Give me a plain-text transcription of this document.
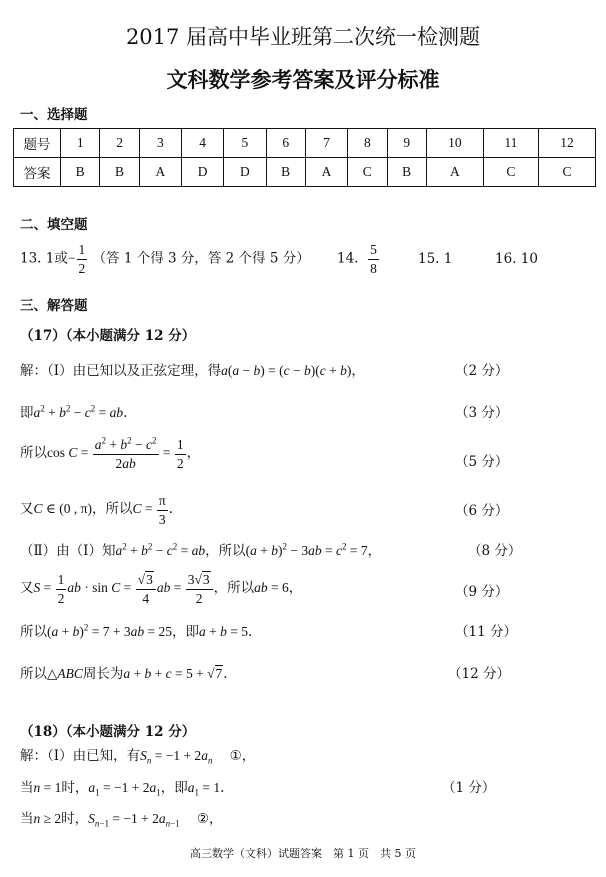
2017 届高中毕业班第二次统一检测题
文科数学参考答案及评分标准
一、选择题
题号	1	2	3	4	5	6	7	8	9	10	11	12
答案	B	B	A	D	D	B	A	C	B	A	C	C
二、填空题
13. 1或− $\frac{1}{2}$ （答 1 个得 3 分，答 2 个得 5 分） 14. $\frac{5}{8}$	15. 1	16. 10
三、解答题
（17）（本小题满分 12 分）
解：（Ⅰ）由已知以及正弦定理，得a(a − b) = (c − b)(c + b)，	（2 分）
即$a^2 + b^2 - c^2$ = ab.	（3 分）
所以$\cos C = \frac{a^2 + b^2 - c^2}{2ab} = \frac{1}{2}$ ，
（5 分）
又C ∈ (0 , π)，所以$C = \frac{\pi}{3}$ .	（6 分）
（Ⅱ）由（Ⅰ）知$a^2 + b^2 - c^2$ = ab，所以$(a + b)^2 - 3ab = c^2 = 7$，	（8 分）
又$S = \frac{1}{2}$ ab · $\sin C = \frac{√3}{4}$ ab = $\frac{3√3}{2}$ ，所以ab = 6，	（9 分）
所以$(a + b)^2 = 7 + 3ab = 25$，即a + b = 5.	（11 分）
所以△ABC周长为a + b + c = 5 + √7.	（12 分）
（18）（本小题满分 12 分）
解：（Ⅰ）由已知，有$S_n = -1 + 2a_n$ ①，
当n = 1时，$a_1 = -1 + 2a_1$，即$a_1 = 1$.	（1 分）
当n ≥ 2时，$S_{n-1} = -1 + 2a_{n-1}$ ②，
高三数学（文科）试题答案　第 1 页　共 5 页
